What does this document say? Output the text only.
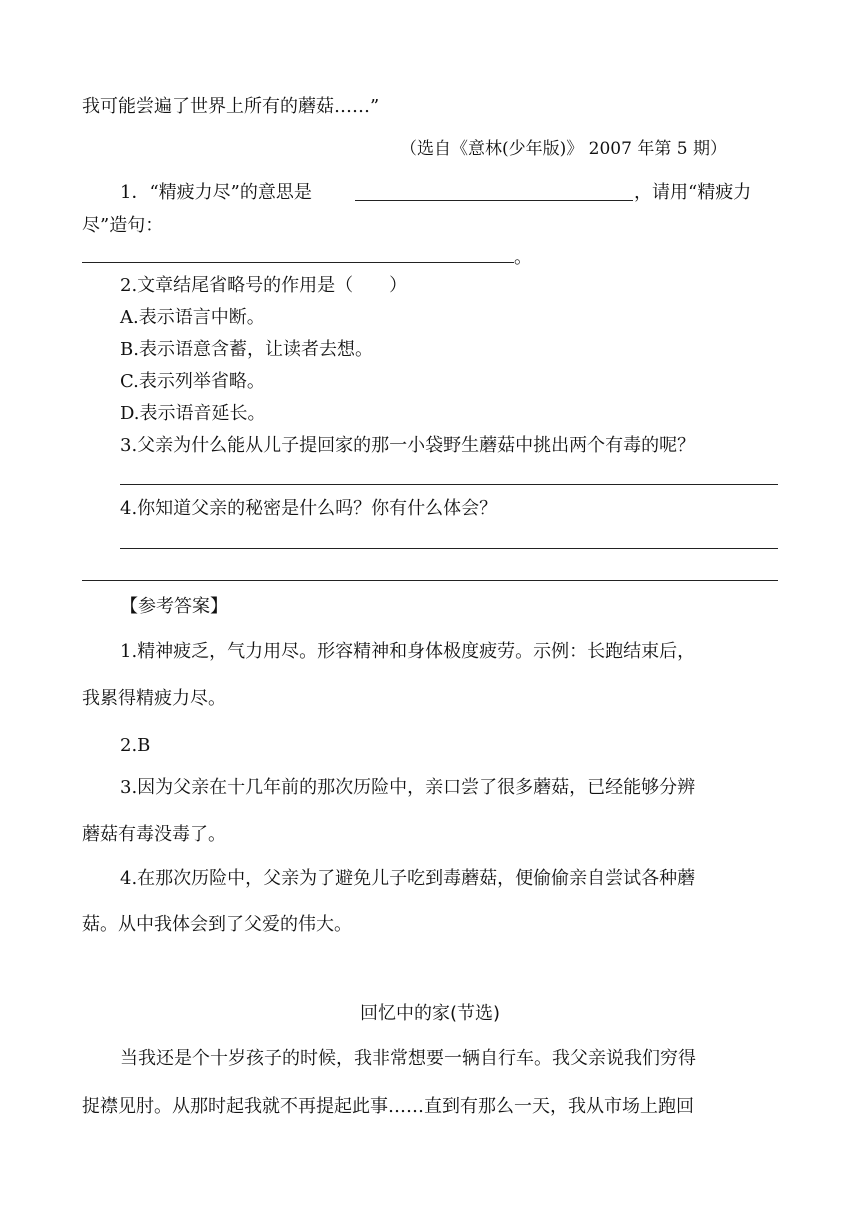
我可能尝遍了世界上所有的蘑菇……”
（选自《意林(少年版)》 2007 年第 5 期）
1．“精疲力尽”的意思是	，请用“精疲力
尽”造句：
。
2.文章结尾省略号的作用是（　　）
A.表示语言中断。
B.表示语意含蓄，让读者去想。
C.表示列举省略。
D.表示语音延长。
3.父亲为什么能从儿子提回家的那一小袋野生蘑菇中挑出两个有毒的呢？
4.你知道父亲的秘密是什么吗？你有什么体会？
【参考答案】
1.精神疲乏，气力用尽。形容精神和身体极度疲劳。示例：长跑结束后，
我累得精疲力尽。
2.B
3.因为父亲在十几年前的那次历险中，亲口尝了很多蘑菇，已经能够分辨
蘑菇有毒没毒了。
4.在那次历险中，父亲为了避免儿子吃到毒蘑菇，便偷偷亲自尝试各种蘑
菇。从中我体会到了父爱的伟大。
回忆中的家(节选)
当我还是个十岁孩子的时候，我非常想要一辆自行车。我父亲说我们穷得
捉襟见肘。从那时起我就不再提起此事……直到有那么一天，我从市场上跑回
